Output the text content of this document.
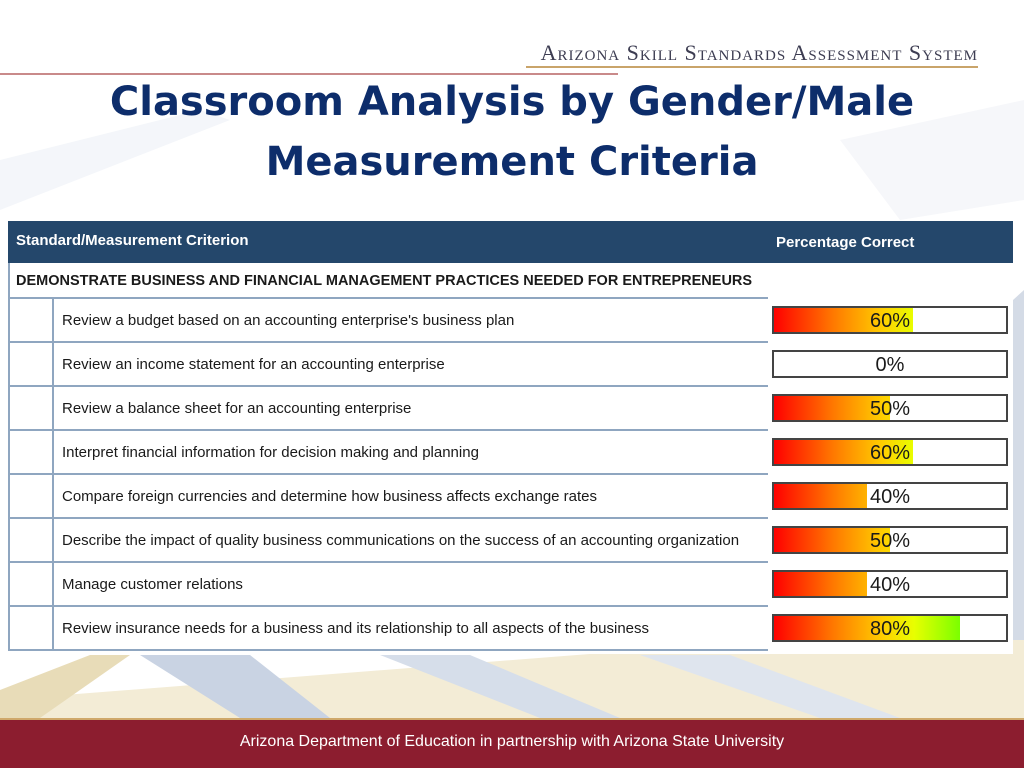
Arizona Skill Standards Assessment System
Classroom Analysis by Gender/Male
Measurement Criteria
Standard/Measurement Criterion	Percentage Correct
DEMONSTRATE BUSINESS AND FINANCIAL MANAGEMENT PRACTICES NEEDED FOR ENTREPRENEURS
Review a budget based on an accounting enterprise's business plan	60%
Review an income statement for an accounting enterprise	0%
Review a balance sheet for an accounting enterprise	50%
Interpret financial information for decision making and planning	60%
Compare foreign currencies and determine how business affects exchange rates	40%
Describe the impact of quality business communications on the success of an accounting organization	50%
Manage customer relations	40%
Review insurance needs for a business and its relationship to all aspects of the business	80%
Arizona Department of Education in partnership with Arizona State University
